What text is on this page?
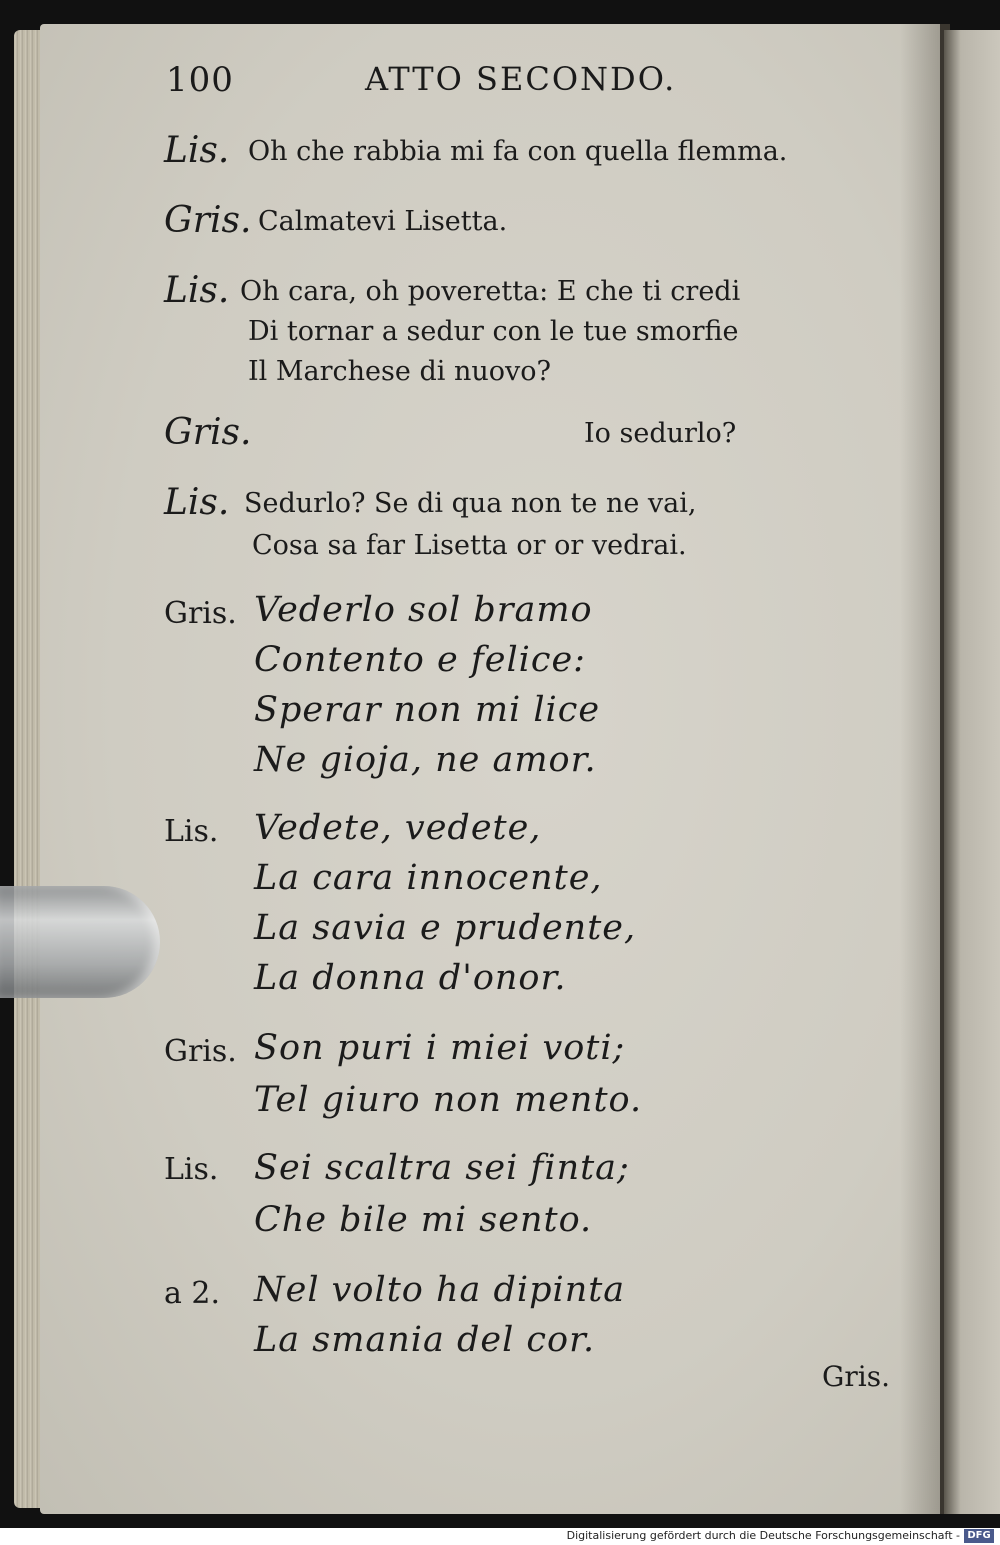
100	ATTO SECONDO.
Lis. Oh che rabbia mi fa con quella flemma.
Gris. Calmatevi Lisetta.
Lis. Oh cara, oh poveretta: E che ti credi
Di tornar a sedur con le tue smorfie
Il Marchese di nuovo?
Gris.	Io sedurlo?
Lis. Sedurlo? Se di qua non te ne vai,
Cosa sa far Lisetta or or vedrai.
Gris. Vederlo sol bramo
Contento e felice:
Sperar non mi lice
Ne gioja, ne amor.
Lis. Vedete, vedete,
La cara innocente,
La savia e prudente,
La donna d'onor.
Gris. Son puri i miei voti;
Tel giuro non mento.
Lis. Sei scaltra sei finta;
Che bile mi sento.
a 2. Nel volto ha dipinta
La smania del cor.
Gris.
Digitalisierung gefördert durch die Deutsche Forschungsgemeinschaft - DFG
